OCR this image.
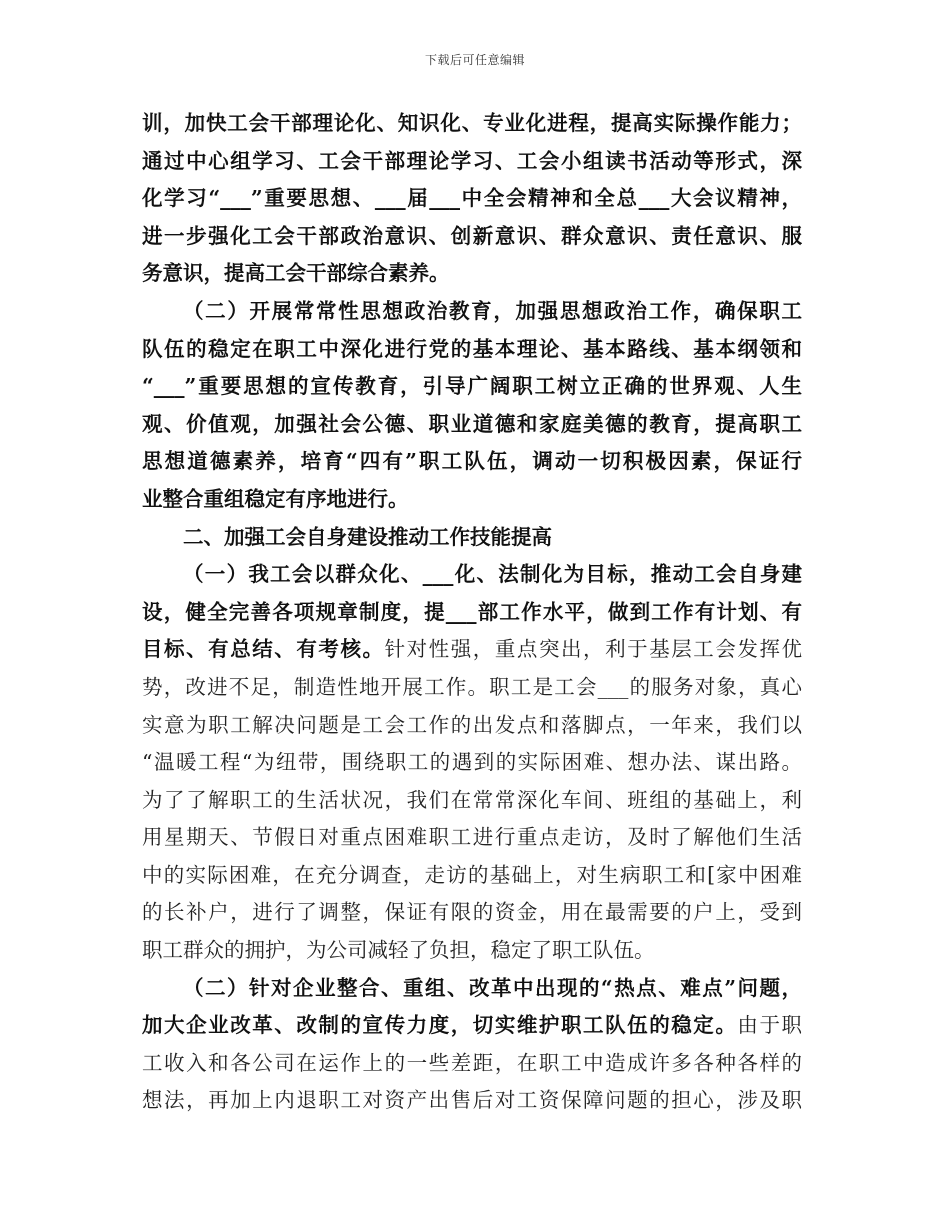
下载后可任意编辑
训，加快工会干部理论化、知识化、专业化进程，提高实际操作能力；
通过中心组学习、工会干部理论学习、工会小组读书活动等形式，深
化学习“___”重要思想、___届___中全会精神和全总___大会议精神，
进一步强化工会干部政治意识、创新意识、群众意识、责任意识、服
务意识，提高工会干部综合素养。
（二）开展常常性思想政治教育，加强思想政治工作，确保职工
队伍的稳定在职工中深化进行党的基本理论、基本路线、基本纲领和
“___”重要思想的宣传教育，引导广阔职工树立正确的世界观、人生
观、价值观，加强社会公德、职业道德和家庭美德的教育，提高职工
思想道德素养，培育“四有”职工队伍，调动一切积极因素，保证行
业整合重组稳定有序地进行。
二、加强工会自身建设推动工作技能提高
（一）我工会以群众化、___化、法制化为目标，推动工会自身建
设，健全完善各项规章制度，提___部工作水平，做到工作有计划、有
目标、有总结、有考核。针对性强，重点突出，利于基层工会发挥优
势，改进不足，制造性地开展工作。职工是工会___的服务对象，真心
实意为职工解决问题是工会工作的出发点和落脚点，一年来，我们以
“温暖工程“为纽带，围绕职工的遇到的实际困难、想办法、谋出路。
为了了解职工的生活状况，我们在常常深化车间、班组的基础上，利
用星期天、节假日对重点困难职工进行重点走访，及时了解他们生活
中的实际困难，在充分调查，走访的基础上，对生病职工和[家中困难
的长补户，进行了调整，保证有限的资金，用在最需要的户上，受到
职工群众的拥护，为公司减轻了负担，稳定了职工队伍。
（二）针对企业整合、重组、改革中出现的“热点、难点”问题，
加大企业改革、改制的宣传力度，切实维护职工队伍的稳定。由于职
工收入和各公司在运作上的一些差距，在职工中造成许多各种各样的
想法，再加上内退职工对资产出售后对工资保障问题的担心，涉及职
